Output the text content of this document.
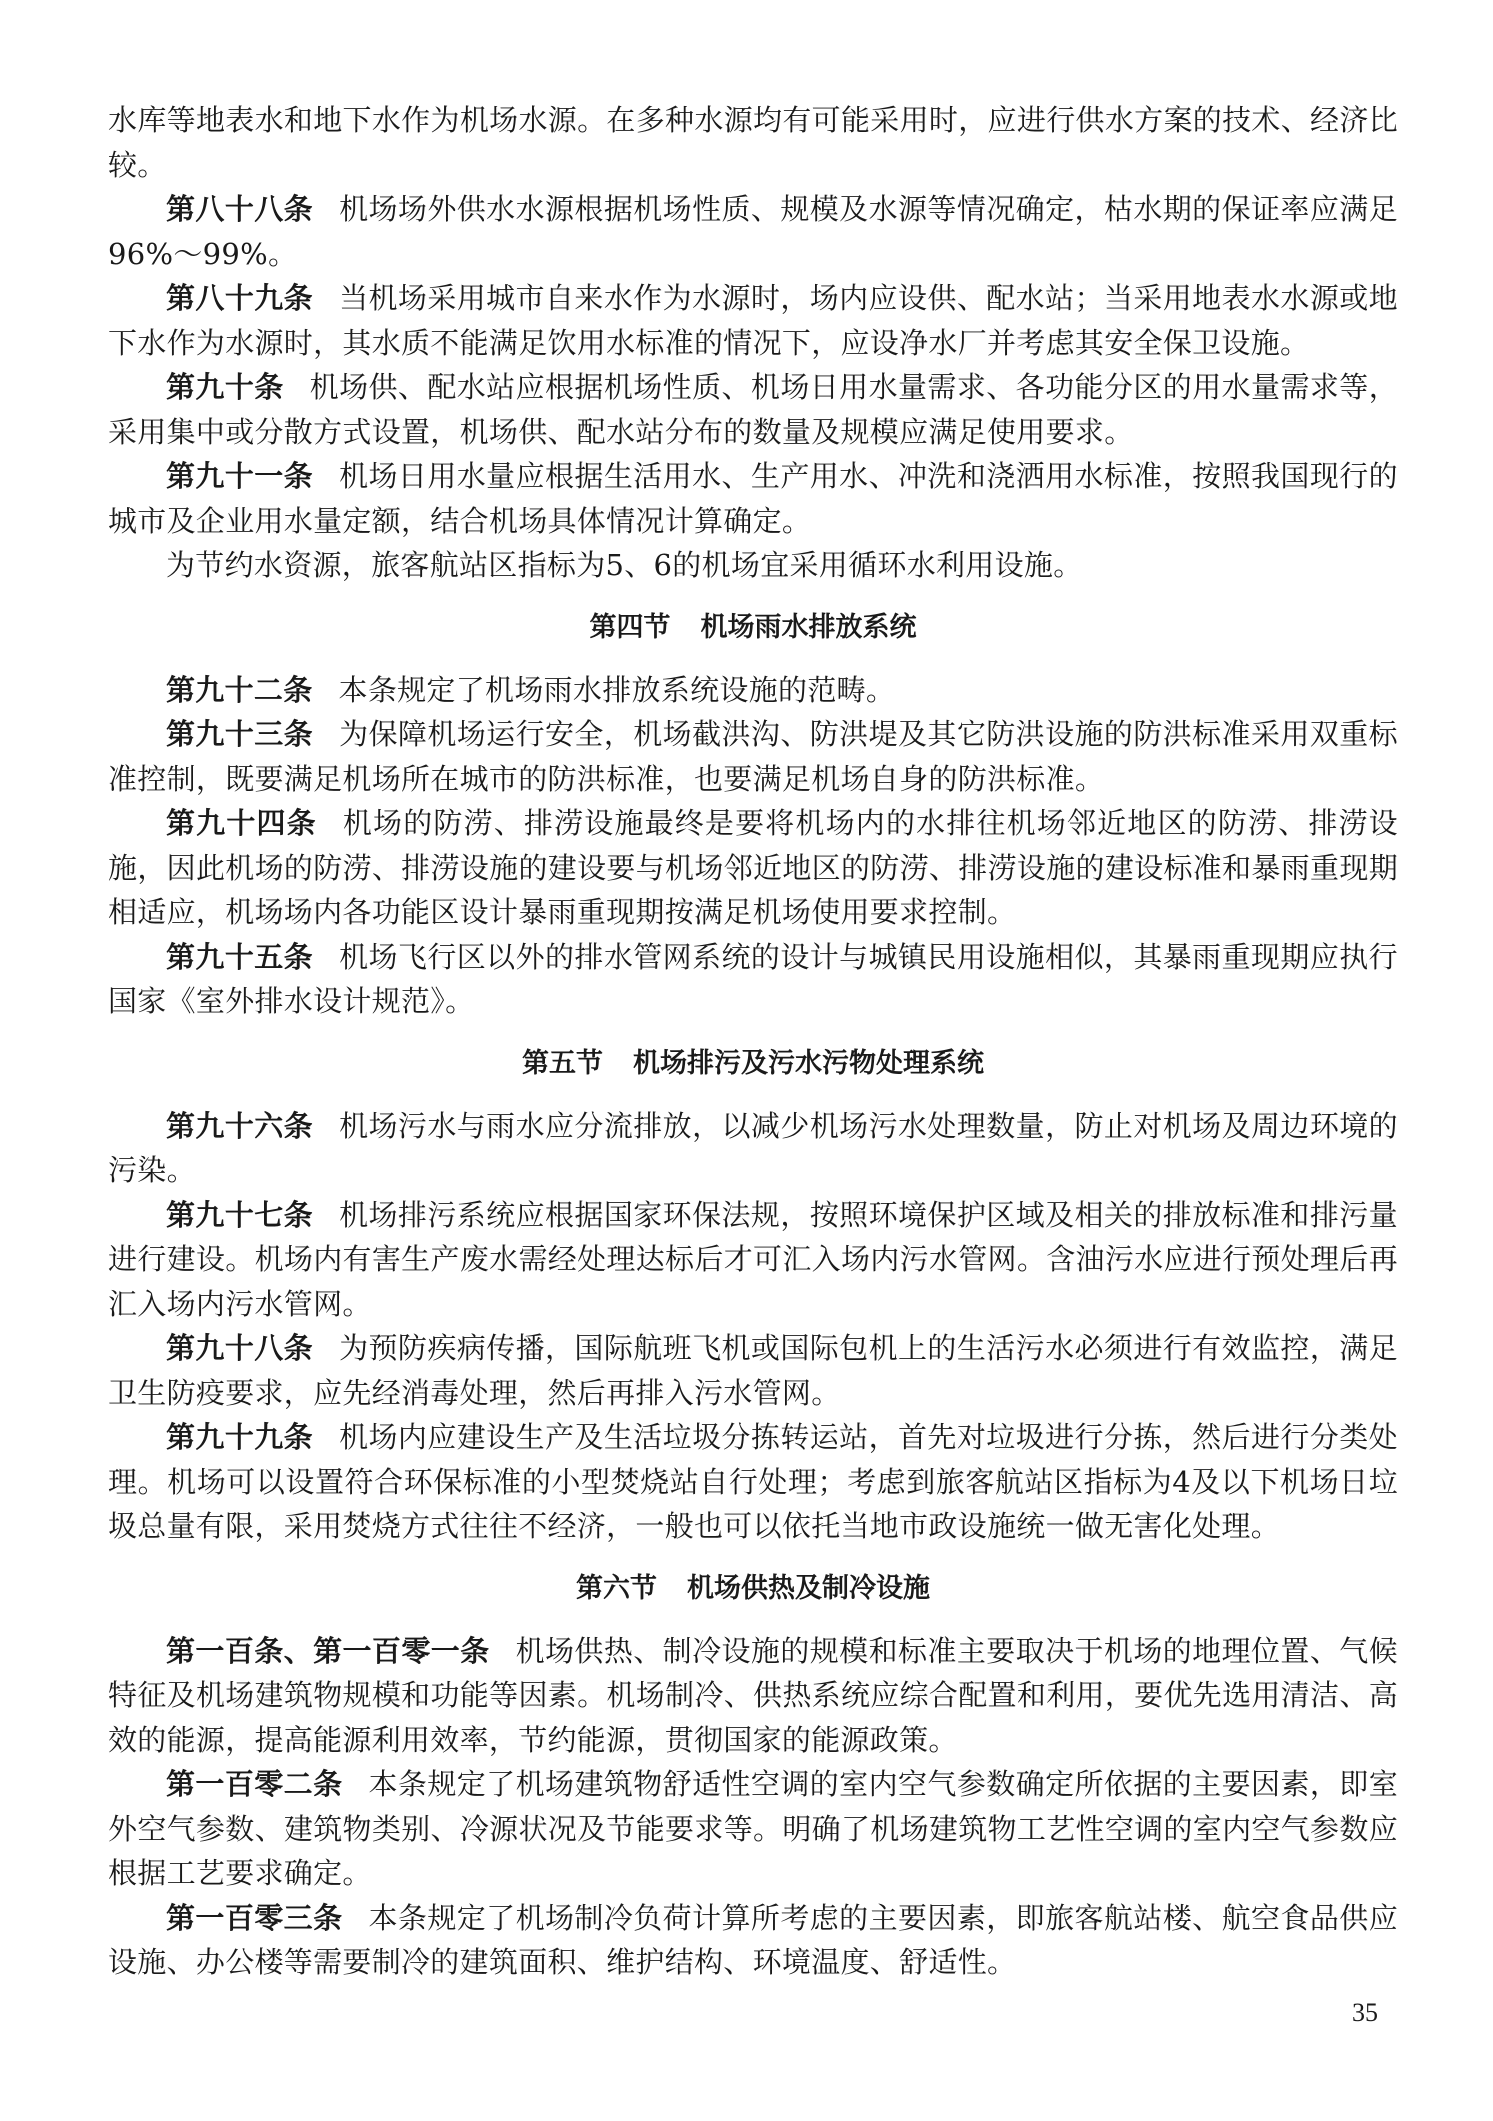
水库等地表水和地下水作为机场水源。在多种水源均有可能采用时，应进行供水方案的技术、经济比较。

第八十八条 机场场外供水水源根据机场性质、规模及水源等情况确定，枯水期的保证率应满足96%～99%。

第八十九条 当机场采用城市自来水作为水源时，场内应设供、配水站；当采用地表水水源或地下水作为水源时，其水质不能满足饮用水标准的情况下，应设净水厂并考虑其安全保卫设施。

第九十条 机场供、配水站应根据机场性质、机场日用水量需求、各功能分区的用水量需求等，采用集中或分散方式设置，机场供、配水站分布的数量及规模应满足使用要求。

第九十一条 机场日用水量应根据生活用水、生产用水、冲洗和浇洒用水标准，按照我国现行的城市及企业用水量定额，结合机场具体情况计算确定。

为节约水资源，旅客航站区指标为5、6的机场宜采用循环水利用设施。

第四节 机场雨水排放系统

第九十二条 本条规定了机场雨水排放系统设施的范畴。

第九十三条 为保障机场运行安全，机场截洪沟、防洪堤及其它防洪设施的防洪标准采用双重标准控制，既要满足机场所在城市的防洪标准，也要满足机场自身的防洪标准。

第九十四条 机场的防涝、排涝设施最终是要将机场内的水排往机场邻近地区的防涝、排涝设施，因此机场的防涝、排涝设施的建设要与机场邻近地区的防涝、排涝设施的建设标准和暴雨重现期相适应，机场场内各功能区设计暴雨重现期按满足机场使用要求控制。

第九十五条 机场飞行区以外的排水管网系统的设计与城镇民用设施相似，其暴雨重现期应执行国家《室外排水设计规范》。

第五节 机场排污及污水污物处理系统

第九十六条 机场污水与雨水应分流排放，以减少机场污水处理数量，防止对机场及周边环境的污染。

第九十七条 机场排污系统应根据国家环保法规，按照环境保护区域及相关的排放标准和排污量进行建设。机场内有害生产废水需经处理达标后才可汇入场内污水管网。含油污水应进行预处理后再汇入场内污水管网。

第九十八条 为预防疾病传播，国际航班飞机或国际包机上的生活污水必须进行有效监控，满足卫生防疫要求，应先经消毒处理，然后再排入污水管网。

第九十九条 机场内应建设生产及生活垃圾分拣转运站，首先对垃圾进行分拣，然后进行分类处理。机场可以设置符合环保标准的小型焚烧站自行处理；考虑到旅客航站区指标为4及以下机场日垃圾总量有限，采用焚烧方式往往不经济，一般也可以依托当地市政设施统一做无害化处理。

第六节 机场供热及制冷设施

第一百条、第一百零一条 机场供热、制冷设施的规模和标准主要取决于机场的地理位置、气候特征及机场建筑物规模和功能等因素。机场制冷、供热系统应综合配置和利用，要优先选用清洁、高效的能源，提高能源利用效率，节约能源，贯彻国家的能源政策。

第一百零二条 本条规定了机场建筑物舒适性空调的室内空气参数确定所依据的主要因素，即室外空气参数、建筑物类别、冷源状况及节能要求等。明确了机场建筑物工艺性空调的室内空气参数应根据工艺要求确定。

第一百零三条 本条规定了机场制冷负荷计算所考虑的主要因素，即旅客航站楼、航空食品供应设施、办公楼等需要制冷的建筑面积、维护结构、环境温度、舒适性。

35
